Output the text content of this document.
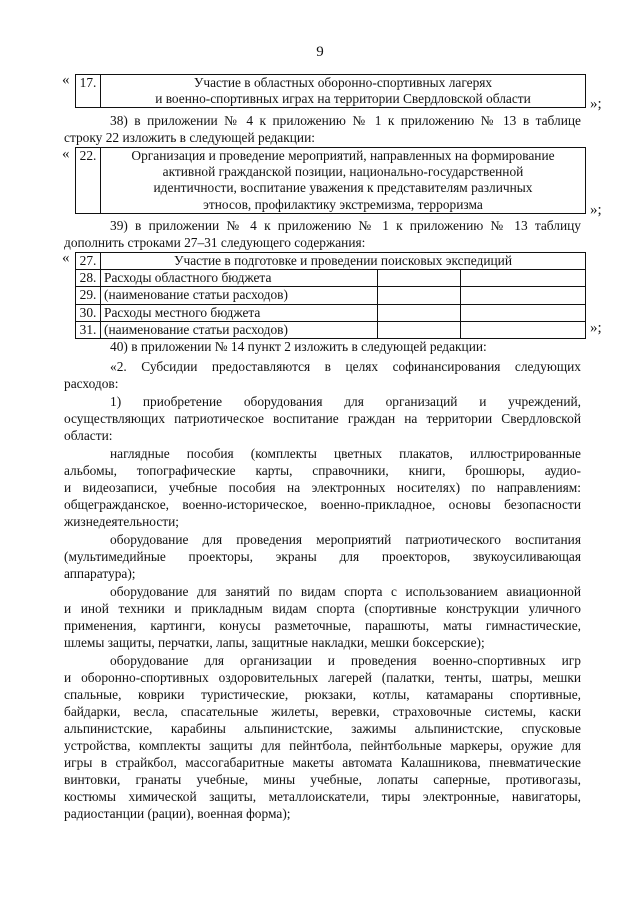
9
« 17.	Участие в областных оборонно-спортивных лагерях
и военно-спортивных играх на территории Свердловской области	»;
38) в приложении № 4 к приложению № 1 к приложению № 13 в таблице
строку 22 изложить в следующей редакции:
« 22.	Организация и проведение мероприятий, направленных на формирование
активной гражданской позиции, национально-государственной
идентичности, воспитание уважения к представителям различных
этносов, профилактику экстремизма, терроризма	»;
39) в приложении № 4 к приложению № 1 к приложению № 13 таблицу
дополнить строками 27–31 следующего содержания:
« 27.	Участие в подготовке и проведении поисковых экспедиций		
28.	Расходы областного бюджета		
29.	(наименование статьи расходов)		
30.	Расходы местного бюджета		
31.	(наименование статьи расходов)			»;
40) в приложении № 14 пункт 2 изложить в следующей редакции:
«2. Субсидии предоставляются в целях софинансирования следующих
расходов:
1) приобретение оборудования для организаций и учреждений,
осуществляющих патриотическое воспитание граждан на территории Свердловской
области:
наглядные пособия (комплекты цветных плакатов, иллюстрированные
альбомы, топографические карты, справочники, книги, брошюры, аудио-
и видеозаписи, учебные пособия на электронных носителях) по направлениям:
общегражданское, военно-историческое, военно-прикладное, основы безопасности
жизнедеятельности;
оборудование для проведения мероприятий патриотического воспитания
(мультимедийные проекторы, экраны для проекторов, звукоусиливающая
аппаратура);
оборудование для занятий по видам спорта с использованием авиационной
и иной техники и прикладным видам спорта (спортивные конструкции уличного
применения, картинги, конусы разметочные, парашюты, маты гимнастические,
шлемы защиты, перчатки, лапы, защитные накладки, мешки боксерские);
оборудование для организации и проведения военно-спортивных игр
и оборонно-спортивных оздоровительных лагерей (палатки, тенты, шатры, мешки
спальные, коврики туристические, рюкзаки, котлы, катамараны спортивные,
байдарки, весла, спасательные жилеты, веревки, страховочные системы, каски
альпинистские, карабины альпинистские, зажимы альпинистские, спусковые
устройства, комплекты защиты для пейнтбола, пейнтбольные маркеры, оружие для
игры в страйкбол, массогабаритные макеты автомата Калашникова, пневматические
винтовки, гранаты учебные, мины учебные, лопаты саперные, противогазы,
костюмы химической защиты, металлоискатели, тиры электронные, навигаторы,
радиостанции (рации), военная форма);
